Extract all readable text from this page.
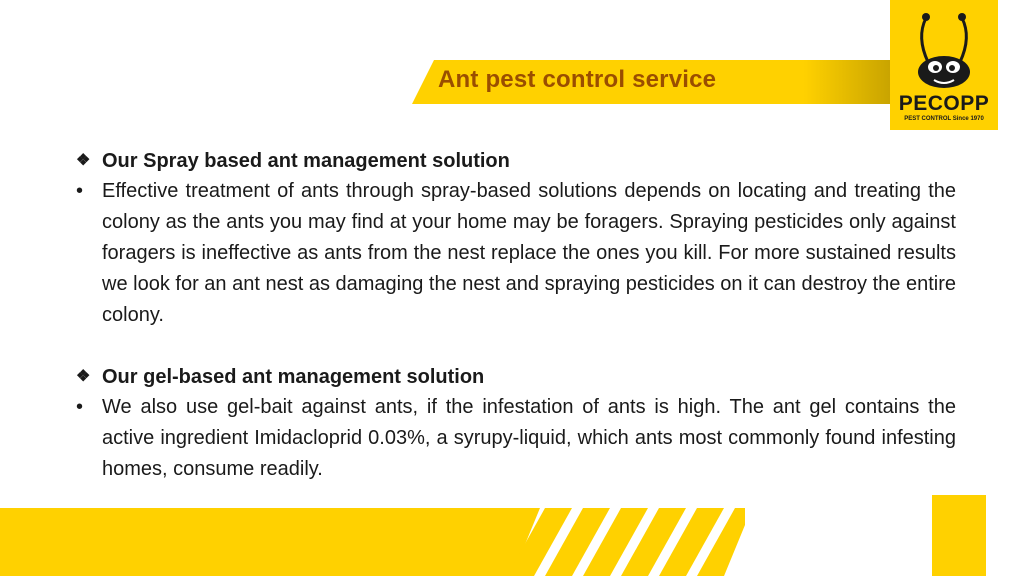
Ant pest control service
PECOPP
PEST CONTROL Since 1970
❖ Our Spray based ant management solution
• Effective treatment of ants through spray-based solutions depends on locating and treating the colony as the ants you may find at your home may be foragers. Spraying pesticides only against foragers is ineffective as ants from the nest replace the ones you kill. For more sustained results we look for an ant nest as damaging the nest and spraying pesticides on it can destroy the entire colony.
❖ Our gel-based ant management solution
• We also use gel-bait against ants, if the infestation of ants is high. The ant gel contains the active ingredient Imidacloprid 0.03%, a syrupy-liquid, which ants most commonly found infesting homes, consume readily.
